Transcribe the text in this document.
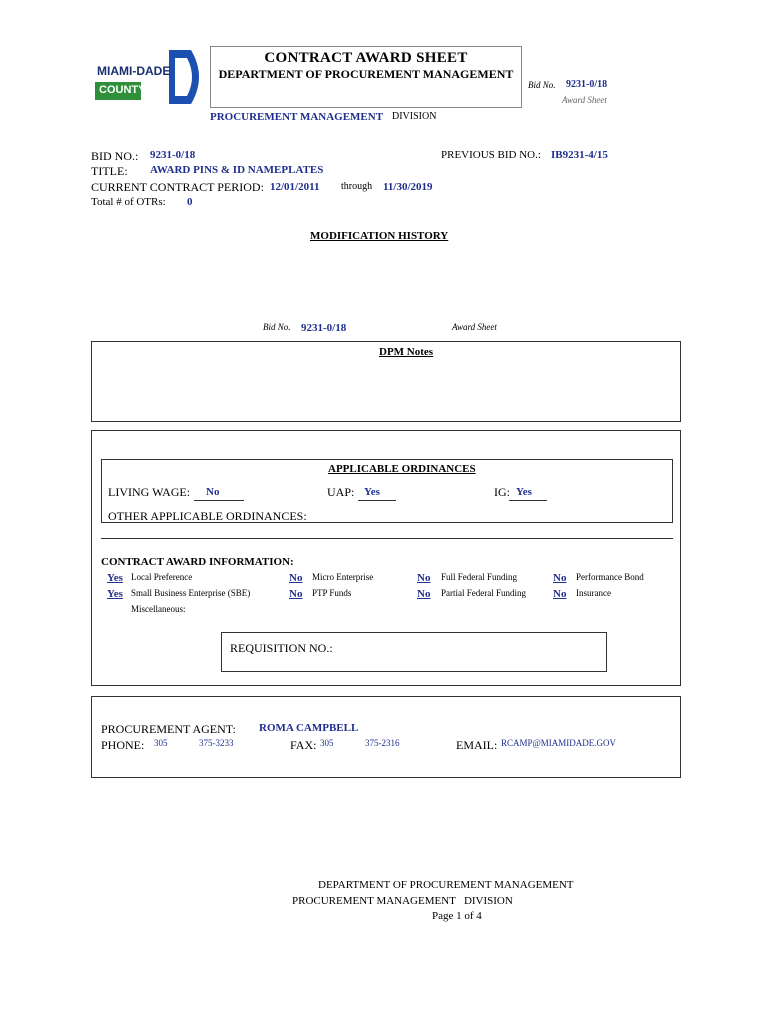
MIAMI-DADE
COUNTY
CONTRACT AWARD SHEET
DEPARTMENT OF PROCUREMENT MANAGEMENT
Bid No. 9231-0/18
Award Sheet
PROCUREMENT MANAGEMENT DIVISION
BID NO.: 9231-0/18	PREVIOUS BID NO.: IB9231-4/15
TITLE: AWARD PINS & ID NAMEPLATES
CURRENT CONTRACT PERIOD: 12/01/2011 through 11/30/2019
Total # of OTRs: 0
MODIFICATION HISTORY
Bid No. 9231-0/18	Award Sheet
DPM Notes
APPLICABLE ORDINANCES
LIVING WAGE: No	UAP: Yes	IG: Yes
OTHER APPLICABLE ORDINANCES:
CONTRACT AWARD INFORMATION:
Yes Local Preference	No Micro Enterprise	No Full Federal Funding	No Performance Bond
Yes Small Business Enterprise (SBE)	No PTP Funds	No Partial Federal Funding No Insurance
Miscellaneous:
REQUISITION NO.:
PROCUREMENT AGENT: ROMA CAMPBELL
PHONE: 305	375-3233	FAX: 305	375-2316	EMAIL: RCAMP@MIAMIDADE.GOV
DEPARTMENT OF PROCUREMENT MANAGEMENT
PROCUREMENT MANAGEMENT   DIVISION
Page 1 of 4
